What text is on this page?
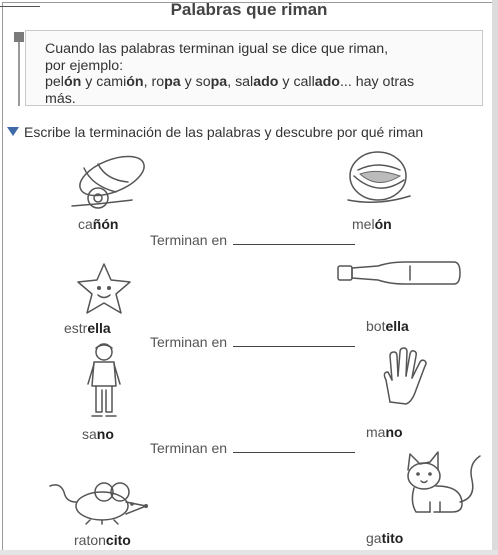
Palabras que riman
Cuando las palabras terminan igual se dice que riman,
por ejemplo:
pelón y camión, ropa y sopa, salado y callado... hay otras
más.
Escribe la terminación de las palabras y descubre por qué riman
cañón	melón
Terminan en
estrella	botella
Terminan en
sano	mano
Terminan en
ratoncito	gatito
